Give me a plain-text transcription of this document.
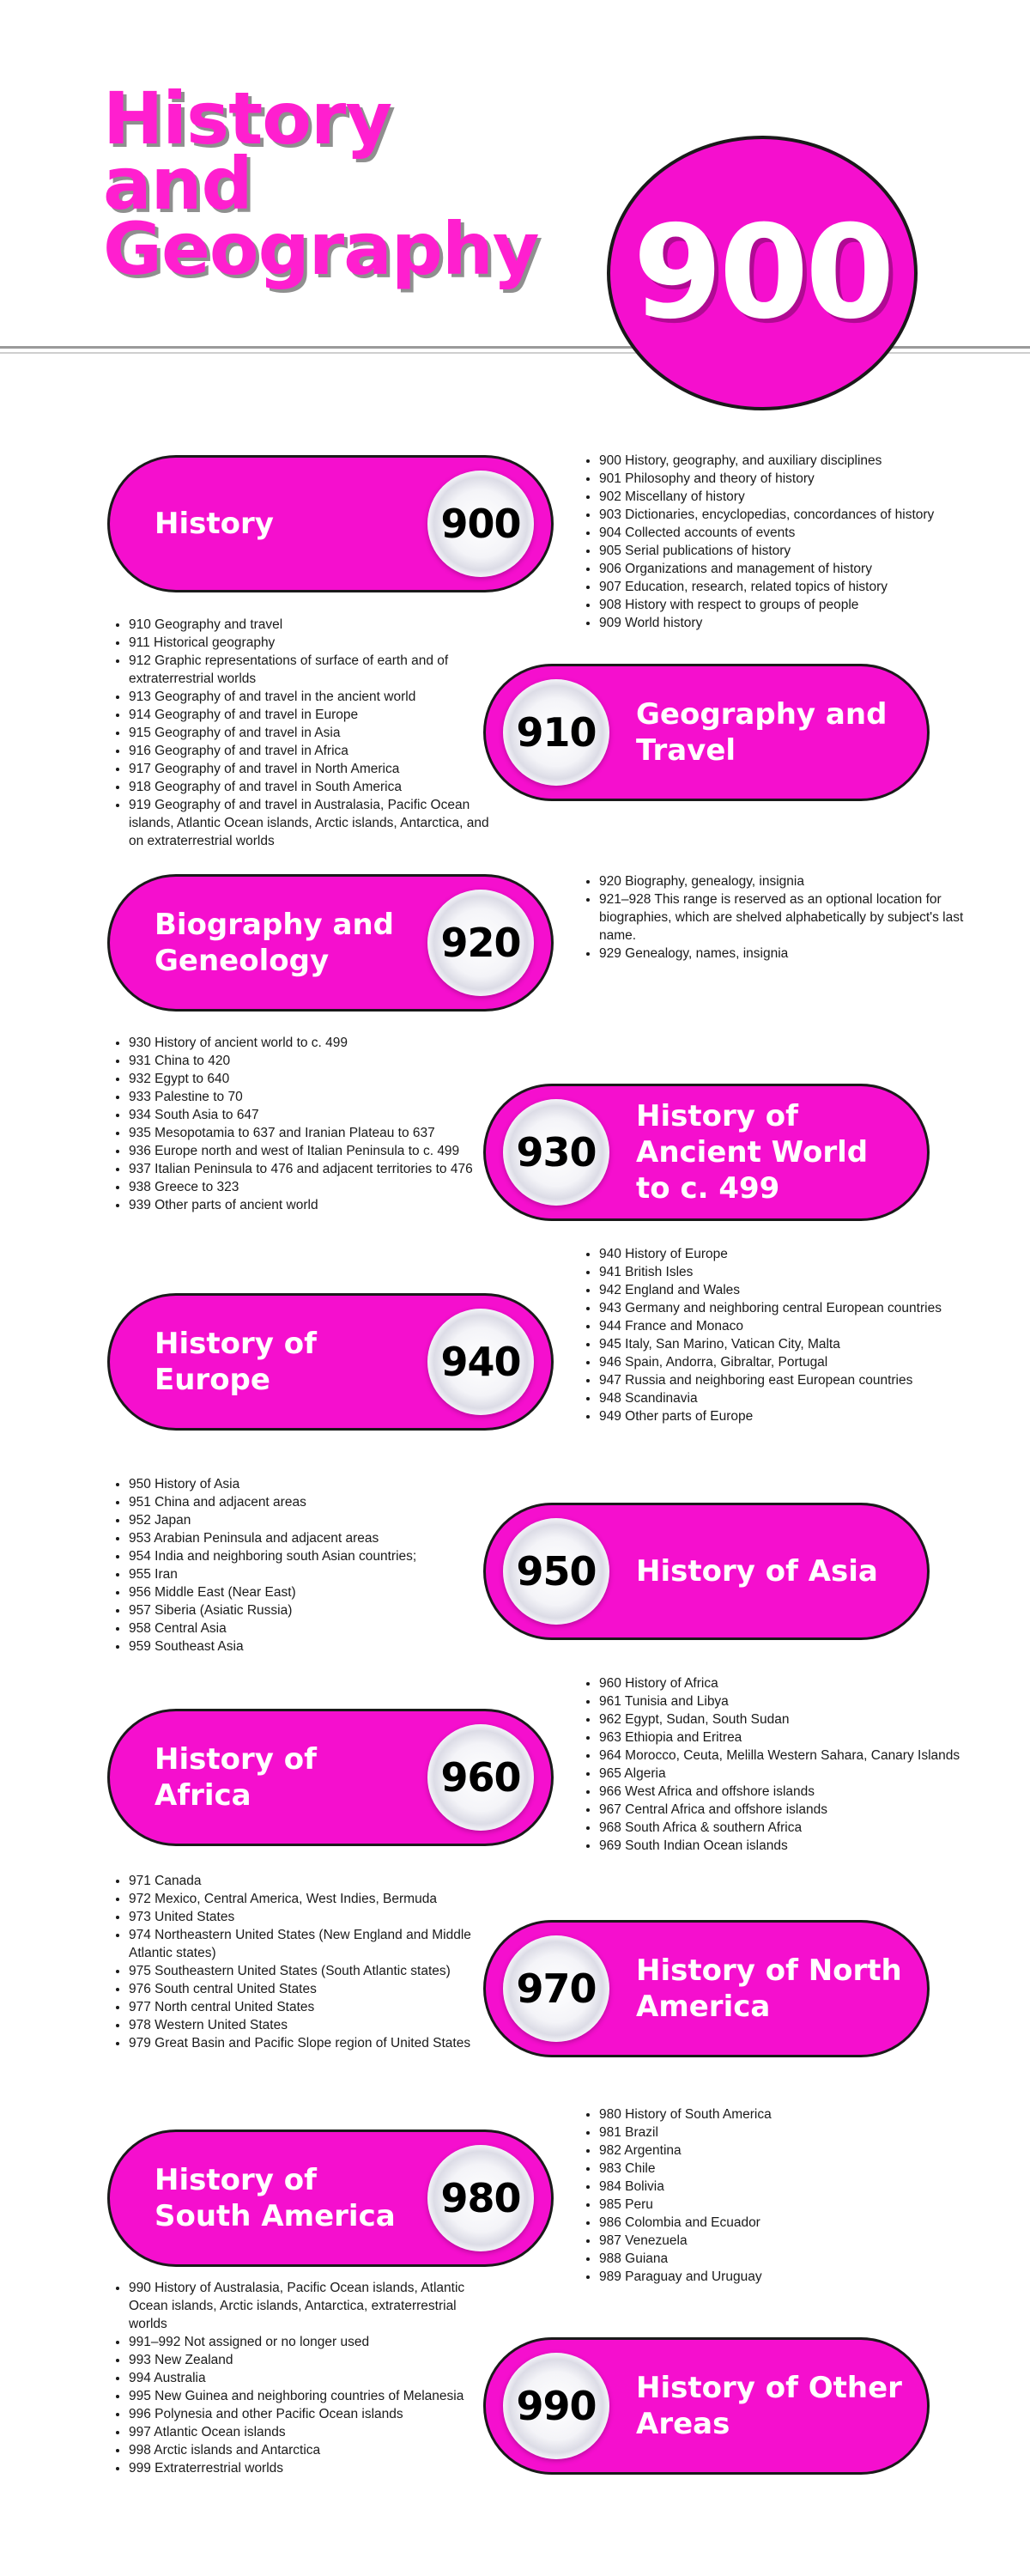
History
and
Geography 900
History	900
• 900 History, geography, and auxiliary disciplines
• 901 Philosophy and theory of history
• 902 Miscellany of history
• 903 Dictionaries, encyclopedias, concordances of history
• 904 Collected accounts of events
• 905 Serial publications of history
• 906 Organizations and management of history
• 907 Education, research, related topics of history
• 908 History with respect to groups of people
• 909 World history
• 910 Geography and travel
• 911 Historical geography
• 912 Graphic representations of surface of earth and of extraterrestrial worlds
• 913 Geography of and travel in the ancient world
• 914 Geography of and travel in Europe
• 915 Geography of and travel in Asia
• 916 Geography of and travel in Africa
• 917 Geography of and travel in North America
• 918 Geography of and travel in South America
• 919 Geography of and travel in Australasia, Pacific Ocean islands, Atlantic Ocean islands, Arctic islands, Antarctica, and on extraterrestrial worlds
910 Geography and Travel
Biography and Geneology	920
• 920 Biography, genealogy, insignia
• 921–928 This range is reserved as an optional location for biographies, which are shelved alphabetically by subject's last name.
• 929 Genealogy, names, insignia
• 930 History of ancient world to c. 499
• 931 China to 420
• 932 Egypt to 640
• 933 Palestine to 70
• 934 South Asia to 647
• 935 Mesopotamia to 637 and Iranian Plateau to 637
• 936 Europe north and west of Italian Peninsula to c. 499
• 937 Italian Peninsula to 476 and adjacent territories to 476
• 938 Greece to 323
• 939 Other parts of ancient world
930
History of Ancient World to c. 499
• 940 History of Europe
• 941 British Isles
• 942 England and Wales
• 943 Germany and neighboring central European countries
• 944 France and Monaco
• 945 Italy, San Marino, Vatican City, Malta
• 946 Spain, Andorra, Gibraltar, Portugal
• 947 Russia and neighboring east European countries
• 948 Scandinavia
• 949 Other parts of Europe
History of Europe	940
• 950 History of Asia
• 951 China and adjacent areas
• 952 Japan
• 953 Arabian Peninsula and adjacent areas
• 954 India and neighboring south Asian countries;
• 955 Iran
• 956 Middle East (Near East)
• 957 Siberia (Asiatic Russia)
• 958 Central Asia
• 959 Southeast Asia
950 History of Asia
• 960 History of Africa
• 961 Tunisia and Libya
• 962 Egypt, Sudan, South Sudan
• 963 Ethiopia and Eritrea
• 964 Morocco, Ceuta, Melilla Western Sahara, Canary Islands
• 965 Algeria
• 966 West Africa and offshore islands
• 967 Central Africa and offshore islands
• 968 South Africa & southern Africa
• 969 South Indian Ocean islands
History of Africa	960
• 971 Canada
• 972 Mexico, Central America, West Indies, Bermuda
• 973 United States
• 974 Northeastern United States (New England and Middle Atlantic states)
• 975 Southeastern United States (South Atlantic states)
• 976 South central United States
• 977 North central United States
• 978 Western United States
• 979 Great Basin and Pacific Slope region of United States
970 History of North America
• 980 History of South America
• 981 Brazil
• 982 Argentina
• 983 Chile
• 984 Bolivia
• 985 Peru
• 986 Colombia and Ecuador
• 987 Venezuela
• 988 Guiana
• 989 Paraguay and Uruguay
History of South America	980
• 990 History of Australasia, Pacific Ocean islands, Atlantic Ocean islands, Arctic islands, Antarctica, extraterrestrial worlds
• 991–992 Not assigned or no longer used
• 993 New Zealand
• 994 Australia
• 995 New Guinea and neighboring countries of Melanesia
• 996 Polynesia and other Pacific Ocean islands
• 997 Atlantic Ocean islands
• 998 Arctic islands and Antarctica
• 999 Extraterrestrial worlds
990 History of Other Areas
